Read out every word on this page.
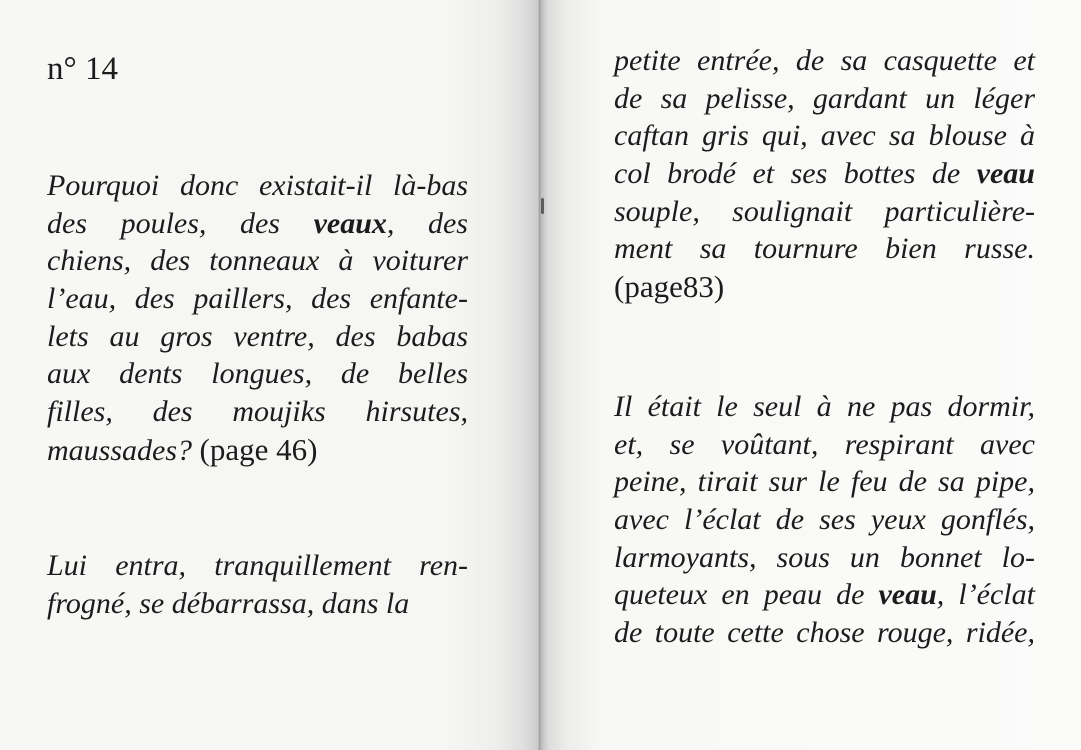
n° 14
Pourquoi donc existait-il là-bas
des poules, des veaux, des
chiens, des tonneaux à voiturer
l’eau, des paillers, des enfante-
lets au gros ventre, des babas
aux dents longues, de belles
filles, des moujiks hirsutes,
maussades? (page 46)
Lui entra, tranquillement ren-
frogné, se débarrassa, dans la
petite entrée, de sa casquette et
de sa pelisse, gardant un léger
caftan gris qui, avec sa blouse à
col brodé et ses bottes de veau
souple, soulignait particulière-
ment sa tournure bien russe.
(page83)
Il était le seul à ne pas dormir,
et, se voûtant, respirant avec
peine, tirait sur le feu de sa pipe,
avec l’éclat de ses yeux gonflés,
larmoyants, sous un bonnet lo-
queteux en peau de veau, l’éclat
de toute cette chose rouge, ridée,
